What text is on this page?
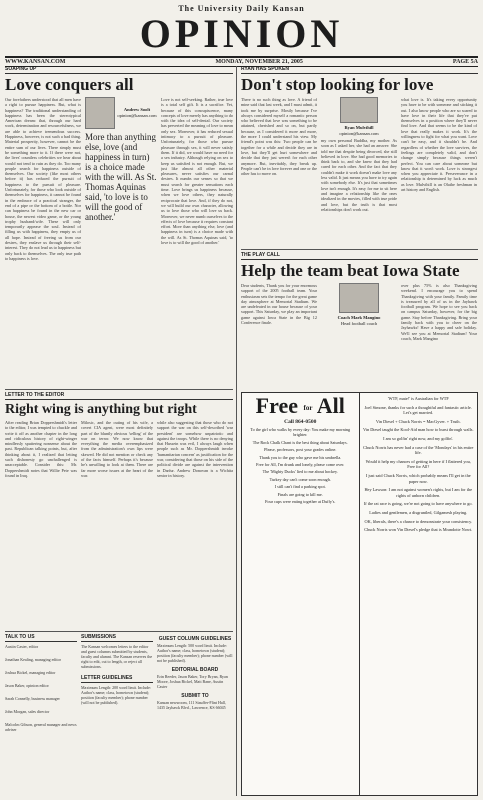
The University Daily Kansan
OPINION
WWW.KANSAN.COM	MONDAY, NOVEMBER 21, 2005	PAGE 5A
SOAPING UP
Love conquers all
Our forefathers understood that all men have a right to pursue happiness. But, what is happiness? The traditional understanding of happiness has been the stereotypical American dream: that, through our hard work, determination and resourcefulness, we are able to achieve tremendous success. Happiness, however, is not such a bad thing. Material prosperity, however, cannot be the entire sum of our lives. There simply must be something more to it. If there were not, the lives' countless celebrities we hear about would not tend to ruin as they do. Too many people search for happiness outside of themselves. Our society (like most others before it) has reduced the pursuit of happiness to the pursuit of pleasure. Unfortunately, for those who look outside of themselves for happiness, it cannot be found in the embrace of a practical stranger, the end of a pipe or the bottom of a bottle. Nor can happiness be found in the new car or house, the newest video game, or the young trophy husband/wife. These will only temporarily appease the soul. Instead of filling us with happiness, they empty us of all hope. Instead of freeing us from our desires, they enslave us through their self-interest. They do not lead us to happiness but only back to themselves. The only true path to happiness is love.
Andrew Soolt
opinion@kansan.com
More than anything else, love (and happiness in turn) is a choice made with the will. As St. Thomas Aquinas said, 'to love is to will the good of another.'
Love is not self-seeking. Rather, true love is a total self gift. It is a sacrifice. Yet, because of this concupiscence, many concepts of love merely has anything to do with the idea of self-denial. Our society has perverted the meaning of love to mean only sex. Moreover, it has reduced sexual intimacy to a pursuit of pleasure. Unfortunately, for those who pursue pleasure through sex, it will never satisfy them. If it did, we would have no need for a sex industry. Although relying on sex to keep us satisfied is not enough. But, we just like almost all other material pleasures, never satisfies our carnal desires. It numbs our senses so that we must search for greater sensations each time. Love brings us happiness because, when we love others, they naturally reciprocate that love. And, if they do not, we will build our own character, allowing us to love those who will love us back. Moreover, we never numb ourselves to the effects of love because it requires constant effort. More than anything else, love (and happiness in turn) is a choice made with the will. As St. Thomas Aquinas said, 'to love is to will the good of another.'
RYAN HAS SPOKEN
Don't stop looking for love
There is no such thing as love. A friend of mine said that last week, and I must admit, it took me by surprise. Mostly because I've always considered myself a romantic person who believed that love was something to be attained, cherished and so on, but partly because, as I considered it more and more, the more I could understand his view. My friend's point was this: Two people can be together for a while and decide they are in love, but they'll get hurt somewhere and decide that they just weren't for each other anymore. But, inevitably, they break up. People can't be in love forever and one or the other has to move on.
Ryan Mulvihill
opinion@kansan.com
my own personal Buddha, my mother. As soon as I asked her, she had an answer: She told me that despite being divorced, she still believed in love. She had good memories to think back to, and she knew that they had cared for each other. And the fact that they couldn't make it work doesn't make love any less valid. It just means you have to try again with somebody else. It's just that sometimes love isn't enough. It's easy for me to sit here and imagine a relationship like the ones idealized in the movies, filled with true pride and love, but the truth is that most relationships don't work out.
what love is. It's taking every opportunity you have to be with someone and sticking it out. I also know people who are so scared to have love in their life that they've put themselves in a position where they'll never find love. And that seems to be the kind of love that really makes it work. It's the willingness to fight for what you want. Love can't be easy, and it shouldn't be. And regardless of whether the love survives, the feelings are completely valid, and don't change simply because things weren't perfect. You can care about someone but know that it won't work. Love is strongest when you appreciate it. Perseverance in a relationship is determined by luck as much as love. Mulvihill is an Olathe freshman in art history and English.
THE PLAY CALL
Help the team beat Iowa State
Dear students, Thank you for your enormous support of the 2005 football team. Your enthusiasm sets the tempo for the great game day atmosphere at Memorial Stadium. We are undefeated in our house because of your support. This Saturday, we play an important game against Iowa State in the Big 12 Conference finale.
Coach Mark Mangino
Head football coach
over plus 75% is also Thanksgiving weekend. I encourage you to spend Thanksgiving with your family. Family time is treasured by all of us in the Jayhawk football program. We hope to see you back on campus Saturday, however, for the big game. Stay before Thanksgiving. Bring your family back with you to cheer on the Jayhawks! Have a happy and safe holiday. We'll see you at Memorial Stadium! Your coach, Mark Mangino
LETTER TO THE EDITOR
Right wing is anything but right
After reading Brian Doppershmidt's letter to the editor, I was tempted to chuckle and write it off as another chapter in the long and ridiculous history of right-winger mindlessly sputtering nonsense about the past. Republican talking points, but, after thinking about it, I realized that letting such dishonesty go unchallenged is unacceptable. Consider this: Mr. Doppershmidt notes that Willie Pete was found in Iraq.
Milosic, and the outing of his wife, a covert CIA agent, were most definitely part of the bluntly obvious 'selling' of the war on terror. We now know that everything the media overemphasized from the administration's own lips were skewed. He did not mention or check any of the facts himself. Perhaps it's because he's unwilling to look at them. There are far more worse issues at the heart of the war.
while also suggesting that those who do not support the war on this self-described 'war president' are somehow unpatriotic and against the troops. While there is no denying that Hussein was evil, I always laugh when people such as Mr. Doppershmidt invoke 'humanitarian concern' as justification for the war, considering that those on his side of the political divide are against the intervention in Darfur. Andrew Donovan is a Wichita senior in history.
TALK TO US
Austin Caster, editor
Jonathan Kealing, managing editor
Joshua Bickel, managing editor
Jason Baker, opinion editor
Sarah Connelly, business manager
John Morgan, sales director
Malcolm Gibson, general manager and news adviser
SUBMISSIONS
The Kansan welcomes letters to the editor and guest columns submitted by students, faculty and alumni. The Kansan reserves the right to edit, cut to length, or reject all submissions.
LETTER GUIDELINES
Maximum Length: 200 word limit. Include: Author's name; class, hometown (student); position (faculty member); phone number (will not be published).
GUEST COLUMN GUIDELINES
Maximum Length: 500 word limit. Include: Author's name; class, hometown (student); position (faculty member); phone number (will not be published).
EDITORIAL BOARD
Erin Reeder, Jason Baker, Tory Bryan, Ryan Moore, Joshua Bickel, Matt Bane, Austin Caster
SUBMIT TO
Kansan newsroom, 111 Stauffer-Flint Hall, 1435 Jayhawk Blvd., Lawrence, KS 66045
Free for All
Call 864-0500
To the girl who walks by every day: You make my morning brighter.
The Rock Chalk Chant is the best thing about Saturdays.
Please, professors, post your grades online.
Thank you to the guy who gave me his umbrella.
Free for All, I'm drunk and lonely, please come over.
The 'Mighty Ducks' lied to me about hockey.
Turkey day can't come soon enough.
I still can't find a parking spot.
Finals are going to kill me.
Four cups were eating together at Duffy's.
'WTF, mate!' is Australian for WTF
Joel Simone, thanks for such a thoughtful and fantastic article. Let's get married.
Vin Diesel + Chuck Norris = MacGyver. + Truth.
Vin Diesel taught the Kool-Aid man how to burst through walls.
I am so golfin' right now, and my golfin'.
Chuck Norris has never had a case of the 'Mondays' in his entire life.
Would it help my chances of getting in here if I flattered you, Free for All?
I just said Chuck Norris, which probably means I'll get in the paper now.
Hey Lawson: I am not against women's rights, but I am for the rights of unborn children.
If the rat race is going, we're not going to have anywhere to go.
Ladies and gentlemen, a disgruntled, Gilgamesh playing.
OK, liberals, there's a chance to demonstrate your consistency.
Chuck Norris won Vin Diesel's pledge that is Mrandotte Nowt.
